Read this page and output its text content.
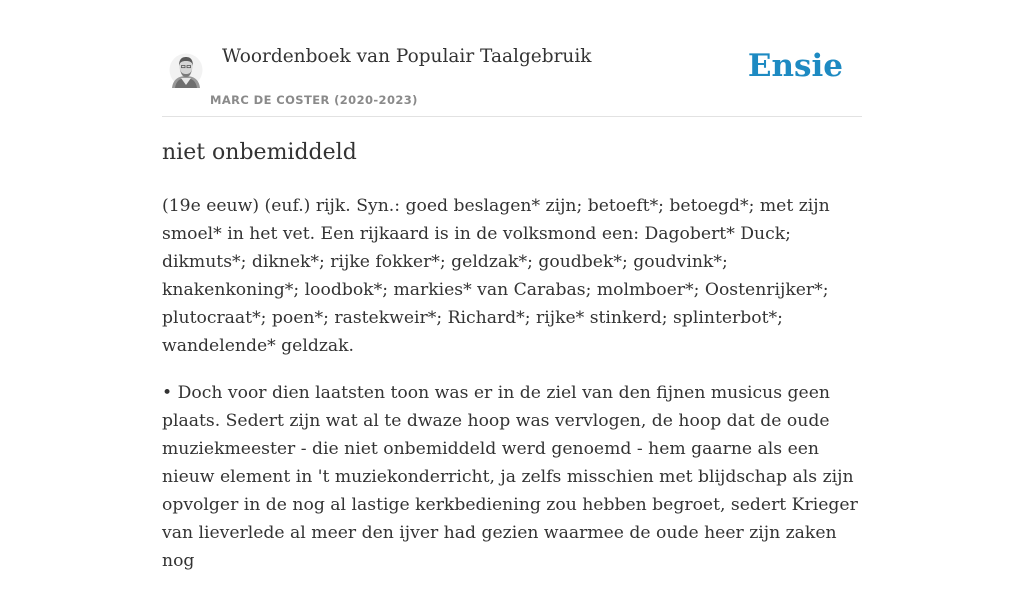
Woordenboek van Populair Taalgebruik
MARC DE COSTER (2020-2023)
Ensie
niet onbemiddeld

(19e eeuw) (euf.) rijk. Syn.: goed beslagen* zijn; betoeft*; betoegd*; met zijn smoel* in het vet. Een rijkaard is in de volksmond een: Dagobert* Duck; dikmuts*; diknek*; rijke fokker*; geldzak*; goudbek*; goudvink*; knakenkoning*; loodbok*; markies* van Carabas; molmboer*; Oostenrijker*; plutocraat*; poen*; rastekweir*; Richard*; rijke* stinkerd; splinterbot*; wandelende* geldzak.

• Doch voor dien laatsten toon was er in de ziel van den fijnen musicus geen plaats. Sedert zijn wat al te dwaze hoop was vervlogen, de hoop dat de oude muziekmeester - die niet onbemiddeld werd genoemd - hem gaarne als een nieuw element in 't muziekonderricht, ja zelfs misschien met blijdschap als zijn opvolger in de nog al lastige kerkbediening zou hebben begroet, sedert Krieger van lieverlede al meer den ijver had gezien waarmee de oude heer zijn zaken nog
